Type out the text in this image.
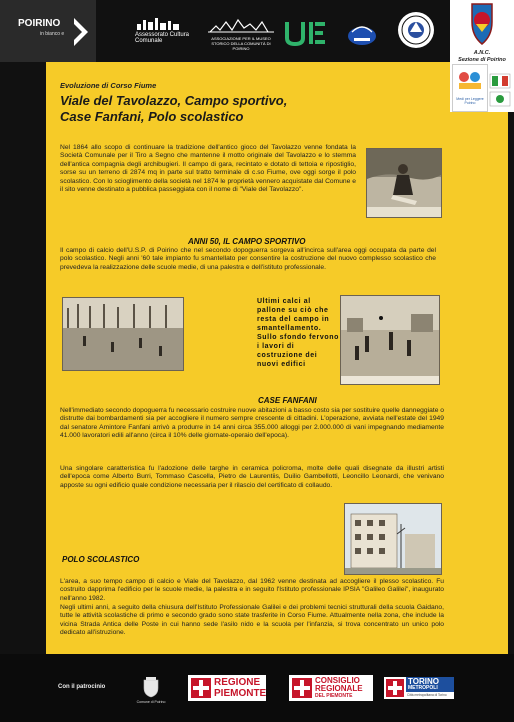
POIRINO
in bianco e	Assessorato Cultura Comunale	ASSOCIAZIONE PER IL MUSEO STORICO DELLA COMUNITÀ DI POIRINO
A.N.C.
Sezione di Poirino
Medi per Leggere Poirino
Evoluzione di Corso Fiume
Viale del Tavolazzo, Campo sportivo,
Case Fanfani, Polo scolastico
Nel 1864 allo scopo di continuare la tradizione dell'antico gioco del Tavolazzo venne fondata la Società Comunale per il Tiro a Segno che mantenne il motto originale del Tavolazzo e lo stemma dell'antica compagnia degli archibugieri. Il campo di gara, recintato e dotato di tettoia e ripostiglio, sorse su un terreno di 2874 mq in parte sul tratto terminale di c.so Fiume, ove oggi sorge il polo scolastico. Con lo scioglimento della società nel 1874 le proprietà vennero acquistate dal Comune e il sito venne destinato a pubblica passeggiata con il nome di "Viale del Tavolazzo".
ANNI 50, IL CAMPO SPORTIVO
Il campo di calcio dell'U.S.P. di Poirino che nel secondo dopoguerra sorgeva all'incirca sull'area oggi occupata da parte del polo scolastico. Negli anni '60 tale impianto fu smantellato per consentire la costruzione del nuovo complesso scolastico che prevedeva la realizzazione delle scuole medie, di una palestra e dell'istituto professionale.
Ultimi calci al pallone su ciò che resta del campo in smantellamento. Sullo sfondo fervono i lavori di costruzione dei nuovi edifici
CASE FANFANI
Nell'immediato secondo dopoguerra fu necessario costruire nuove abitazioni a basso costo sia per sostituire quelle danneggiate o distrutte dai bombardamenti sia per accogliere il numero sempre crescente di cittadini. L'operazione, avviata nell'estate del 1949 dal senatore Amintore Fanfani arrivò a produrre in 14 anni circa 355.000 alloggi per 2.000.000 di vani impegnando mediamente 41.000 lavoratori edili all'anno (circa il 10% delle giornate-operaio dell'epoca).
Una singolare caratteristica fu l'adozione delle targhe in ceramica policroma, molte delle quali disegnate da illustri artisti dell'epoca come Alberto Burri, Tommaso Cascella, Pietro de Laurentiis, Duilio Gambellotti, Leoncillo Leonardi, che venivano apposte su ogni edificio quale condizione necessaria per il rilascio del certificato di collaudo.
POLO SCOLASTICO
L'area, a suo tempo campo di calcio e Viale del Tavolazzo, dal 1962 venne destinata ad accogliere il plesso scolastico. Fu costruito dapprima l'edificio per le scuole medie, la palestra e in seguito l'Istituto professionale IPSIA "Galileo Galilei", inaugurato nell'anno 1982.
Negli ultimi anni, a seguito della chiusura dell'Istituto Professionale Galilei e dei problemi tecnici strutturali della scuola Gaidano, tutte le attività scolastiche di primo e secondo grado sono state trasferite in Corso Fiume. Attualmente nella zona, che include la vicina Strada Antica delle Poste in cui hanno sede l'asilo nido e la scuola per l'infanzia, si trova concentrato un unico polo dedicato all'istruzione.
Con il patrocinio
Comune di Poirino
REGIONE
PIEMONTE
CONSIGLIO
REGIONALE
DEL PIEMONTE
TORINO
METROPOLI
Città metropolitana di Torino
